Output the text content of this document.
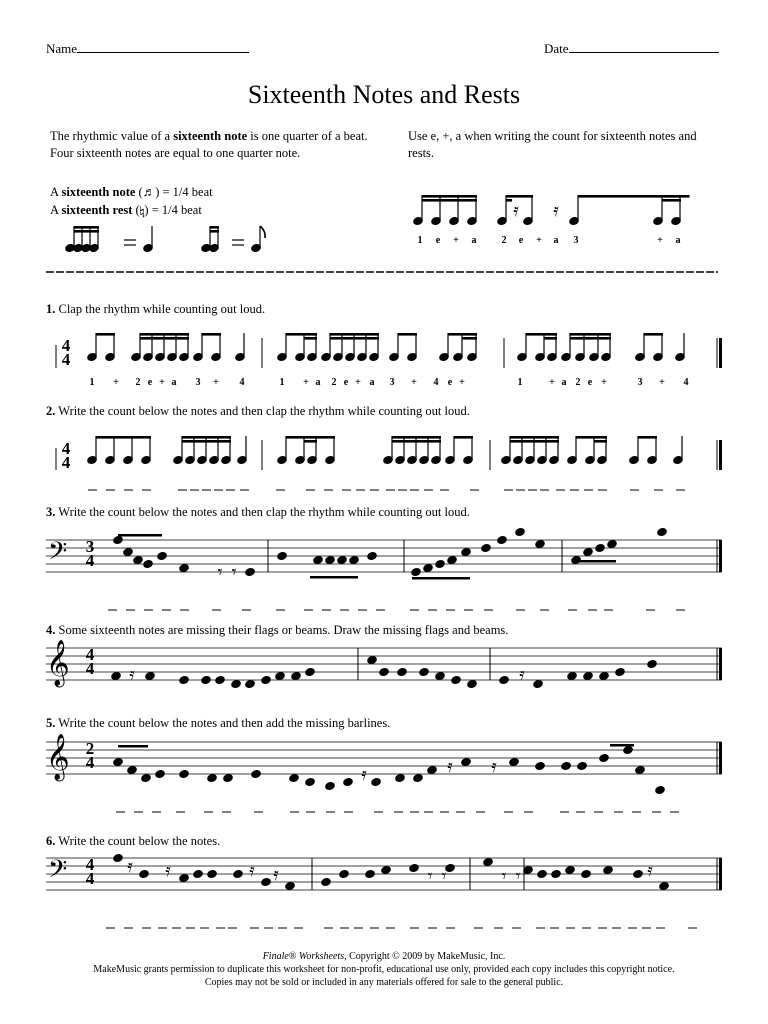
Name	Date
Sixteenth Notes and Rests
The rhythmic value of a sixteenth note is one quarter of a beat. Four sixteenth notes are equal to one quarter note.
A sixteenth note (♬) = 1/4 beat
A sixteenth rest (𝄯) = 1/4 beat
Use e, +, a when writing the count for sixteenth notes and rests.
1. Clap the rhythm while counting out loud.
2. Write the count below the notes and then clap the rhythm while counting out loud.
3. Write the count below the notes and then clap the rhythm while counting out loud.
4. Some sixteenth notes are missing their flags or beams. Draw the missing flags and beams.
5. Write the count below the notes and then add the missing barlines.
6. Write the count below the notes.
𝄿 𝄿
1 e + a	2 e + a 3	+ a
4
4
1 + 2 e + a 3 + 4	1 + a 2 e + a 3 + 4 e +	1	+ a 2 e +	3 + 4
4
4
𝄢 3
4
𝄾 𝄾
𝄞 4
4 𝄿	𝄿
𝄞 2
4
𝄿	𝄿 𝄿
𝄢 4
4
𝄿 𝄿	𝄿 𝄿	𝄾 𝄾	𝄾 𝄾	𝄿
Finale® Worksheets, Copyright © 2009 by MakeMusic, Inc.
MakeMusic grants permission to duplicate this worksheet for non-profit, educational use only, provided each copy includes this copyright notice.
Copies may not be sold or included in any materials offered for sale to the general public.
